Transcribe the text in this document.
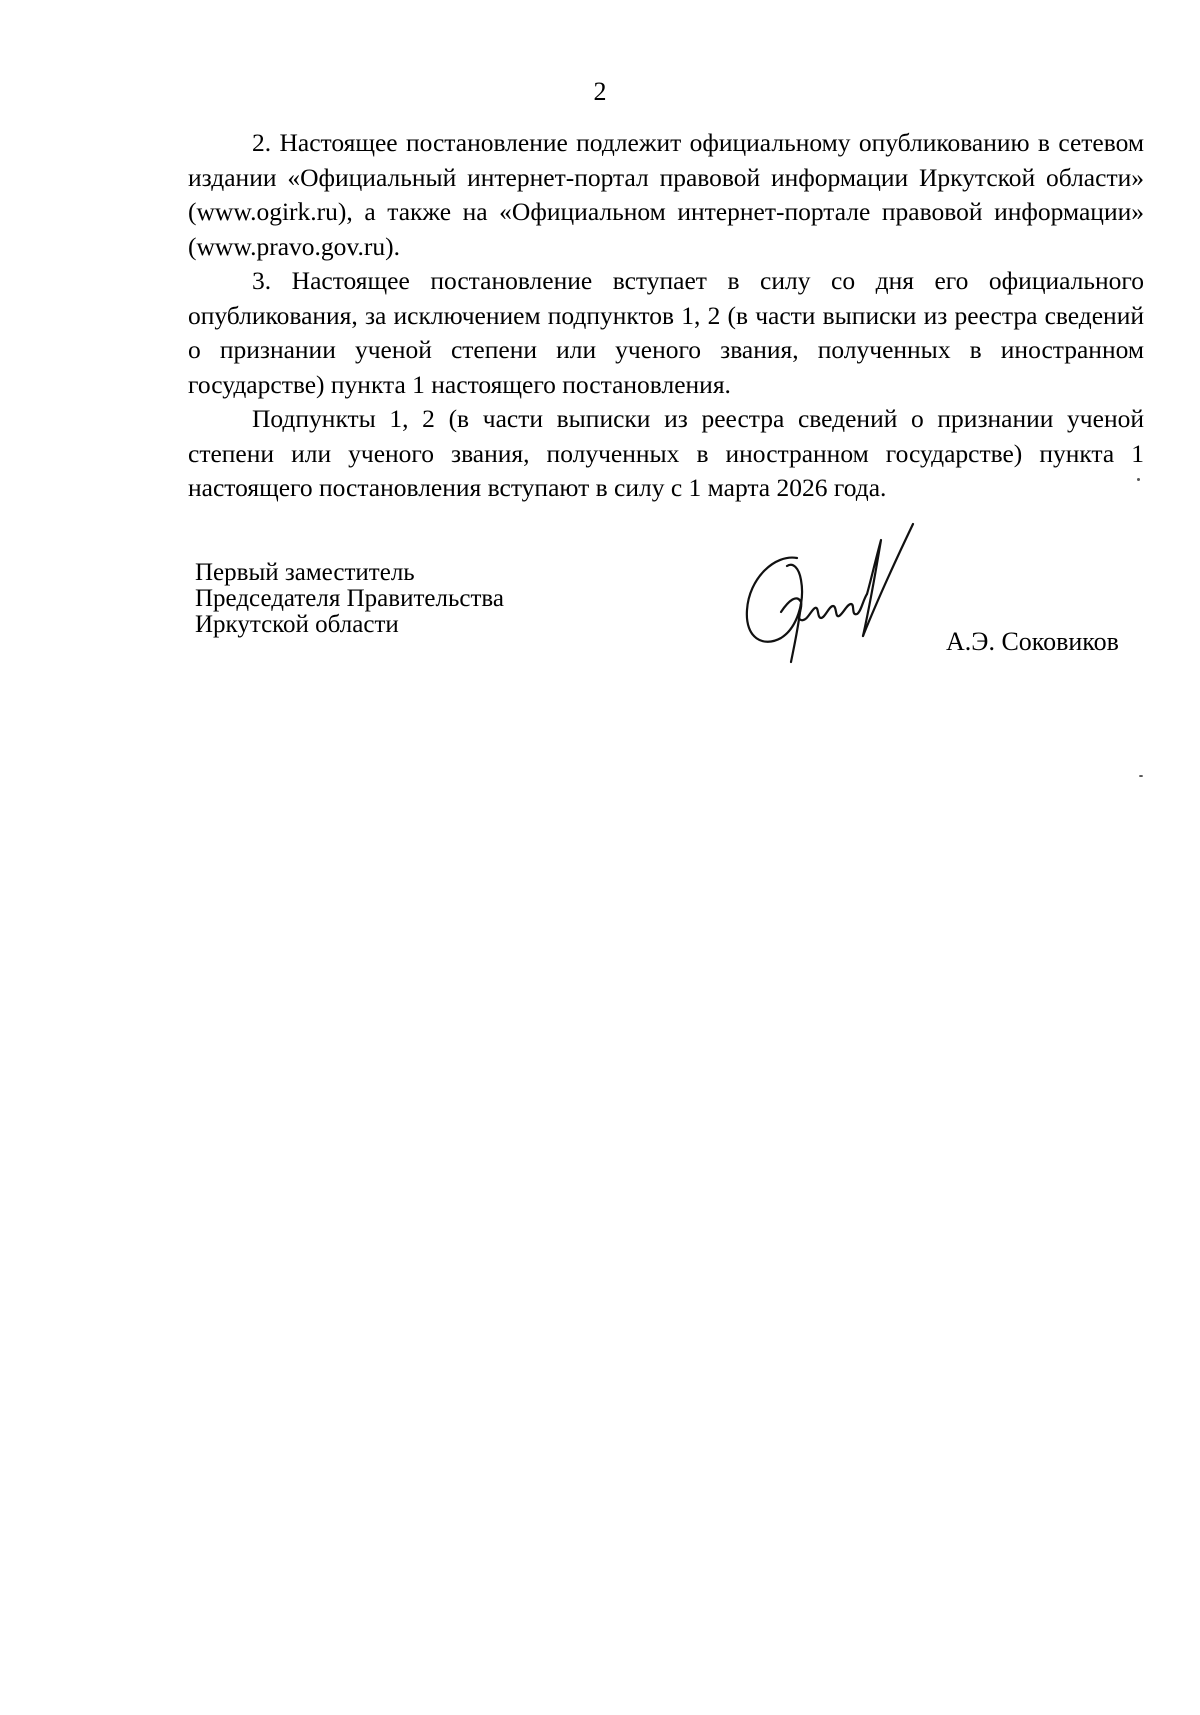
2

2. Настоящее постановление подлежит официальному опубликованию в сетевом издании «Официальный интернет-портал правовой информации Иркутской области» (www.ogirk.ru), а также на «Официальном интернет-портале правовой информации» (www.pravo.gov.ru).

3. Настоящее постановление вступает в силу со дня его официального опубликования, за исключением подпунктов 1, 2 (в части выписки из реестра сведений о признании ученой степени или ученого звания, полученных в иностранном государстве) пункта 1 настоящего постановления.

Подпункты 1, 2 (в части выписки из реестра сведений о признании ученой степени или ученого звания, полученных в иностранном государстве) пункта 1 настоящего постановления вступают в силу с 1 марта 2026 года.

Первый заместитель
Председателя Правительства
Иркутской области
А.Э. Соковиков
